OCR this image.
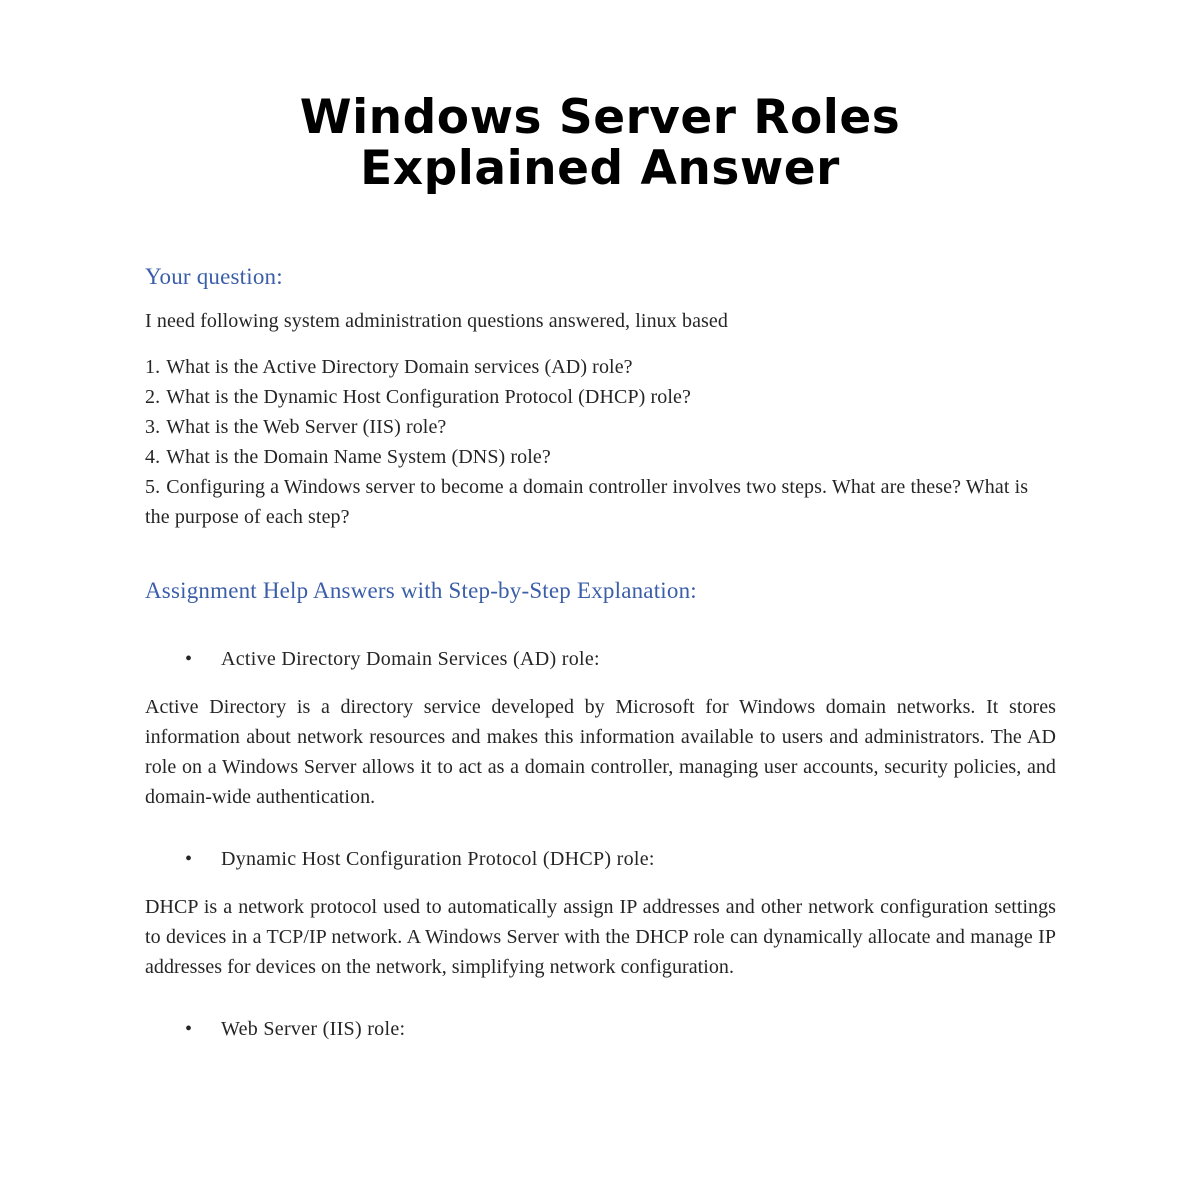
Windows Server Roles
Explained Answer
Your question:
I need following system administration questions answered, linux based
1. What is the Active Directory Domain services (AD) role?
2. What is the Dynamic Host Configuration Protocol (DHCP) role?
3. What is the Web Server (IIS) role?
4. What is the Domain Name System (DNS) role?
5. Configuring a Windows server to become a domain controller involves two steps. What are these? What is the purpose of each step?
Assignment Help Answers with Step-by-Step Explanation:
• Active Directory Domain Services (AD) role:

Active Directory is a directory service developed by Microsoft for Windows domain networks. It stores information about network resources and makes this information available to users and administrators. The AD role on a Windows Server allows it to act as a domain controller, managing user accounts, security policies, and domain-wide authentication.

• Dynamic Host Configuration Protocol (DHCP) role:

DHCP is a network protocol used to automatically assign IP addresses and other network configuration settings to devices in a TCP/IP network. A Windows Server with the DHCP role can dynamically allocate and manage IP addresses for devices on the network, simplifying network configuration.

• Web Server (IIS) role:
